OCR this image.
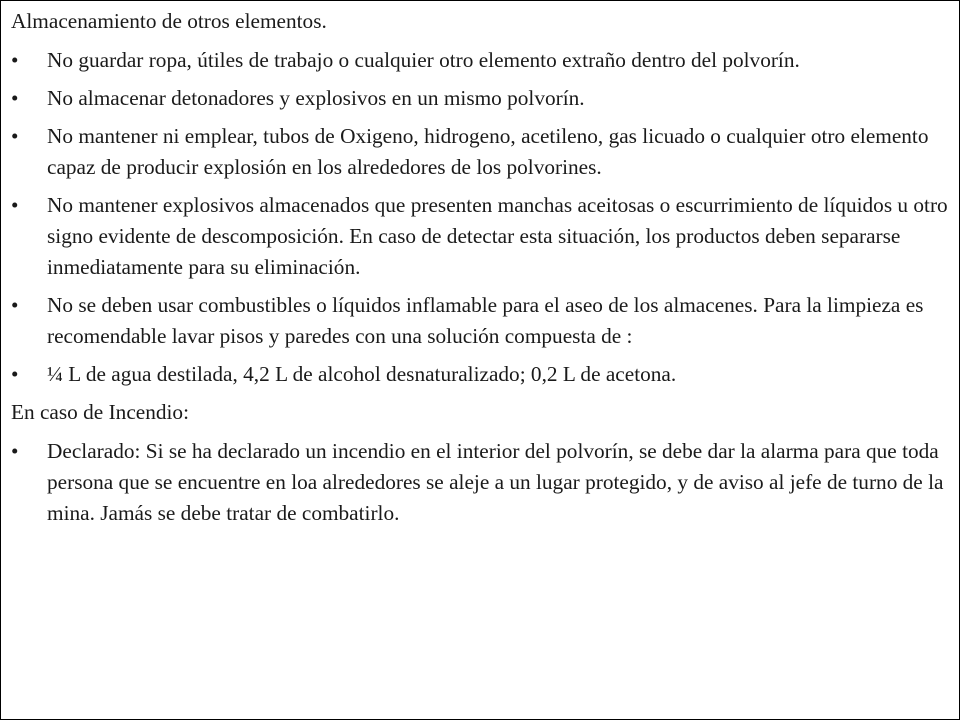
Almacenamiento de otros elementos.
•	No guardar ropa, útiles de trabajo o cualquier otro elemento extraño dentro del polvorín.
•	No almacenar detonadores y explosivos en un mismo polvorín.
•	No mantener ni emplear, tubos de Oxigeno, hidrogeno, acetileno, gas licuado o cualquier otro elemento capaz de producir explosión en los alrededores de los polvorines.
•	No mantener explosivos almacenados que presenten manchas aceitosas o escurrimiento de líquidos u otro signo evidente de descomposición. En caso de detectar esta situación, los productos deben separarse inmediatamente para su eliminación.
•	No se deben usar combustibles o líquidos inflamable para el aseo de los almacenes. Para la limpieza es recomendable lavar pisos y paredes con una solución compuesta de :
•	¼ L de agua destilada, 4,2 L de alcohol desnaturalizado; 0,2 L de acetona.
En caso de Incendio:
•	Declarado: Si se ha declarado un incendio en el interior del polvorín, se debe dar la alarma para que toda persona que se encuentre en loa alrededores se aleje a un lugar protegido, y de aviso al jefe de turno de la mina. Jamás se debe tratar de combatirlo.
